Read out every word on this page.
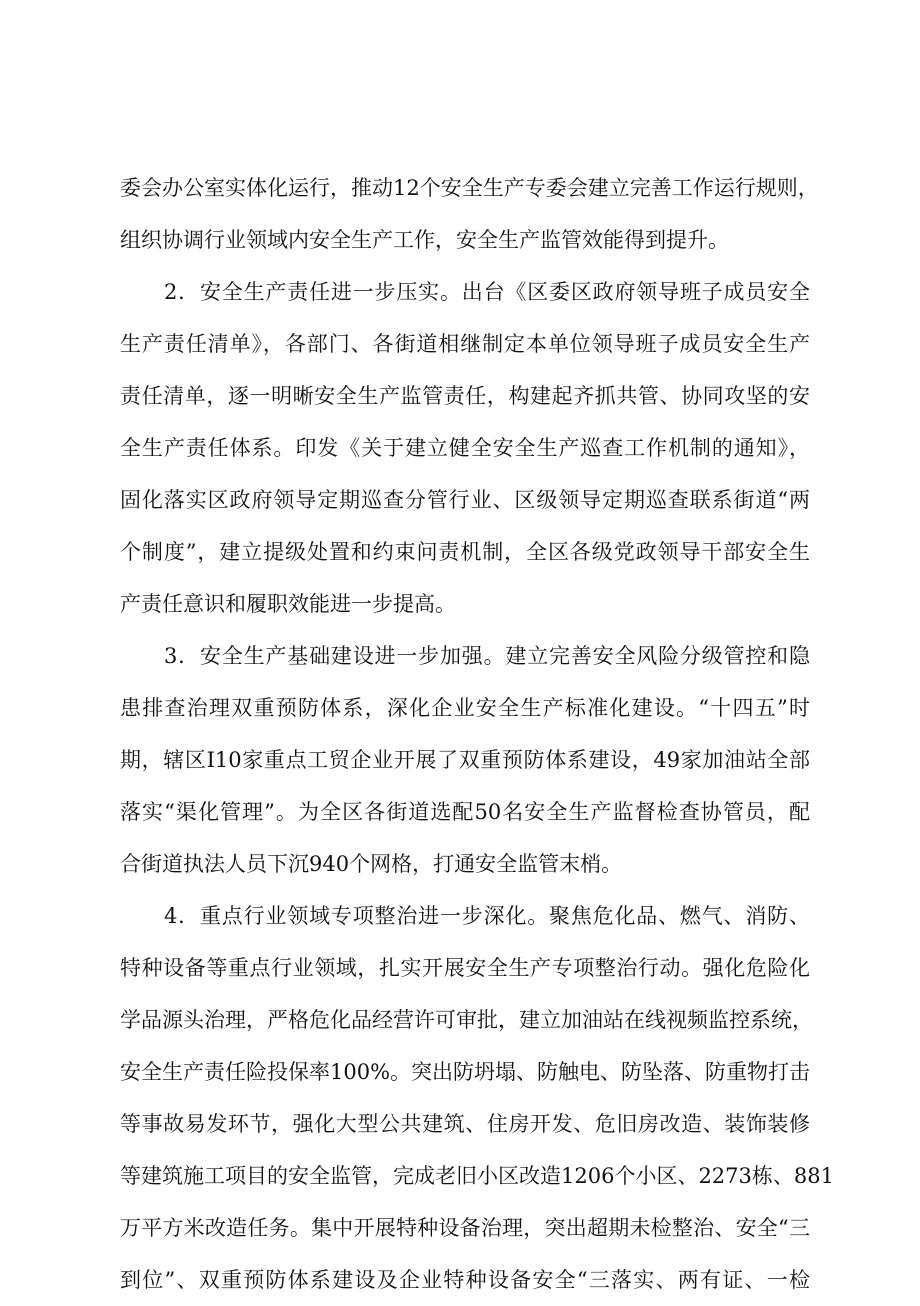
委会办公室实体化运行，推动12个安全生产专委会建立完善工作运行规则，
组织协调行业领域内安全生产工作，安全生产监管效能得到提升。
2．安全生产责任进一步压实。出台《区委区政府领导班子成员安全
生产责任清单》，各部门、各街道相继制定本单位领导班子成员安全生产
责任清单，逐一明晰安全生产监管责任，构建起齐抓共管、协同攻坚的安
全生产责任体系。印发《关于建立健全安全生产巡查工作机制的通知》，
固化落实区政府领导定期巡查分管行业、区级领导定期巡查联系街道“两
个制度”，建立提级处置和约束问责机制，全区各级党政领导干部安全生
产责任意识和履职效能进一步提高。
3．安全生产基础建设进一步加强。建立完善安全风险分级管控和隐
患排查治理双重预防体系，深化企业安全生产标准化建设。“十四五”时
期，辖区I10家重点工贸企业开展了双重预防体系建设，49家加油站全部
落实“渠化管理”。为全区各街道选配50名安全生产监督检查协管员，配
合街道执法人员下沉940个网格，打通安全监管末梢。
4．重点行业领域专项整治进一步深化。聚焦危化品、燃气、消防、
特种设备等重点行业领域，扎实开展安全生产专项整治行动。强化危险化
学品源头治理，严格危化品经营许可审批，建立加油站在线视频监控系统，
安全生产责任险投保率100%。突出防坍塌、防触电、防坠落、防重物打击
等事故易发环节，强化大型公共建筑、住房开发、危旧房改造、装饰装修
等建筑施工项目的安全监管，完成老旧小区改造1206个小区、2273栋、881
万平方米改造任务。集中开展特种设备治理，突出超期未检整治、安全“三
到位”、双重预防体系建设及企业特种设备安全“三落实、两有证、一检
